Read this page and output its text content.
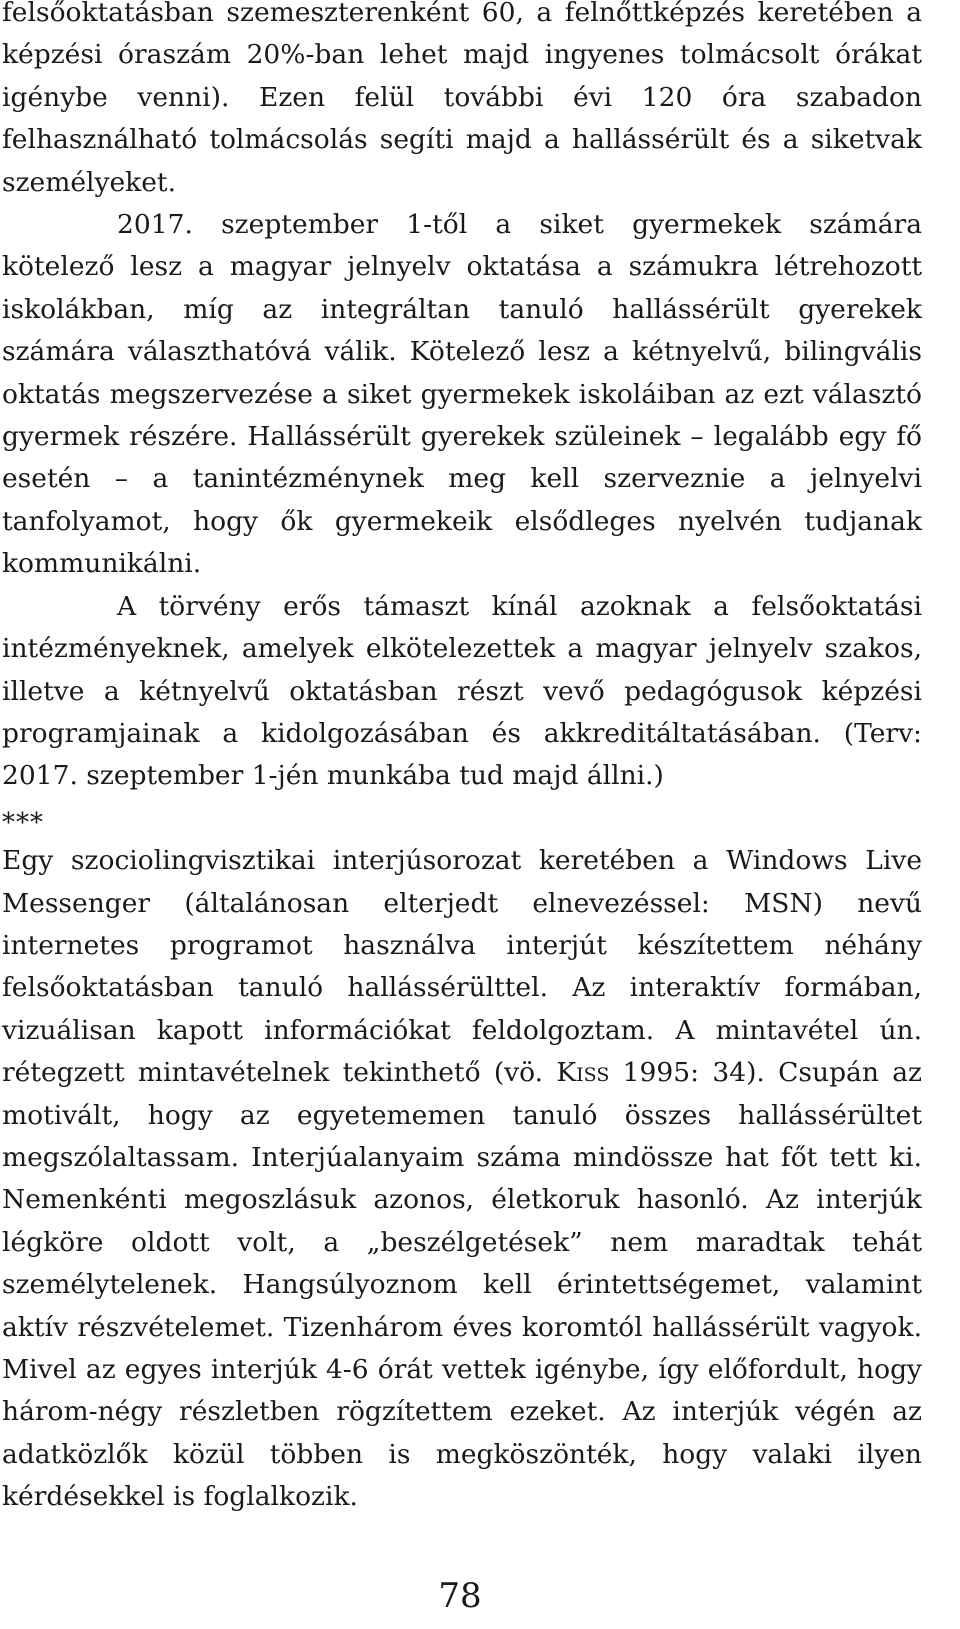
felsőoktatásban szemeszterenként 60, a felnőttképzés keretében a képzési óraszám 20%-ban lehet majd ingyenes tolmácsolt órákat igénybe venni). Ezen felül további évi 120 óra szabadon felhasználható tolmácsolás segíti majd a hallássérült és a siketvak személyeket.

2017. szeptember 1-től a siket gyermekek számára kötelező lesz a magyar jelnyelv oktatása a számukra létrehozott iskolákban, míg az integráltan tanuló hallássérült gyerekek számára választhatóvá válik. Kötelező lesz a kétnyelvű, bilingvális oktatás megszervezése a siket gyermekek iskoláiban az ezt választó gyermek részére. Hallássérült gyerekek szüleinek – legalább egy fő esetén – a tanintézménynek meg kell szerveznie a jelnyelvi tanfolyamot, hogy ők gyermekeik elsődleges nyelvén tudjanak kommunikálni.

A törvény erős támaszt kínál azoknak a felsőoktatási intézményeknek, amelyek elkötelezettek a magyar jelnyelv szakos, illetve a kétnyelvű oktatásban részt vevő pedagógusok képzési programjainak a kidolgozásában és akkreditáltatásában. (Terv: 2017. szeptember 1-jén munkába tud majd állni.)

***

Egy szociolingvisztikai interjúsorozat keretében a Windows Live Messenger (általánosan elterjedt elnevezéssel: MSN) nevű internetes programot használva interjút készítettem néhány felsőoktatásban tanuló hallássérülttel. Az interaktív formában, vizuálisan kapott információkat feldolgoztam. A mintavétel ún. rétegzett mintavételnek tekinthető (vö. Kiss 1995: 34). Csupán az motivált, hogy az egyetememen tanuló összes hallássérültet megszólaltassam. Interjúalanyaim száma mindössze hat főt tett ki. Nemenkénti megoszlásuk azonos, életkoruk hasonló. Az interjúk légköre oldott volt, a „beszélgetések” nem maradtak tehát személytelenek. Hangsúlyoznom kell érintettségemet, valamint aktív részvételemet. Tizenhárom éves koromtól hallássérült vagyok. Mivel az egyes interjúk 4-6 órát vettek igénybe, így előfordult, hogy három-négy részletben rögzítettem ezeket. Az interjúk végén az adatközlők közül többen is megköszönték, hogy valaki ilyen kérdésekkel is foglalkozik.

78
